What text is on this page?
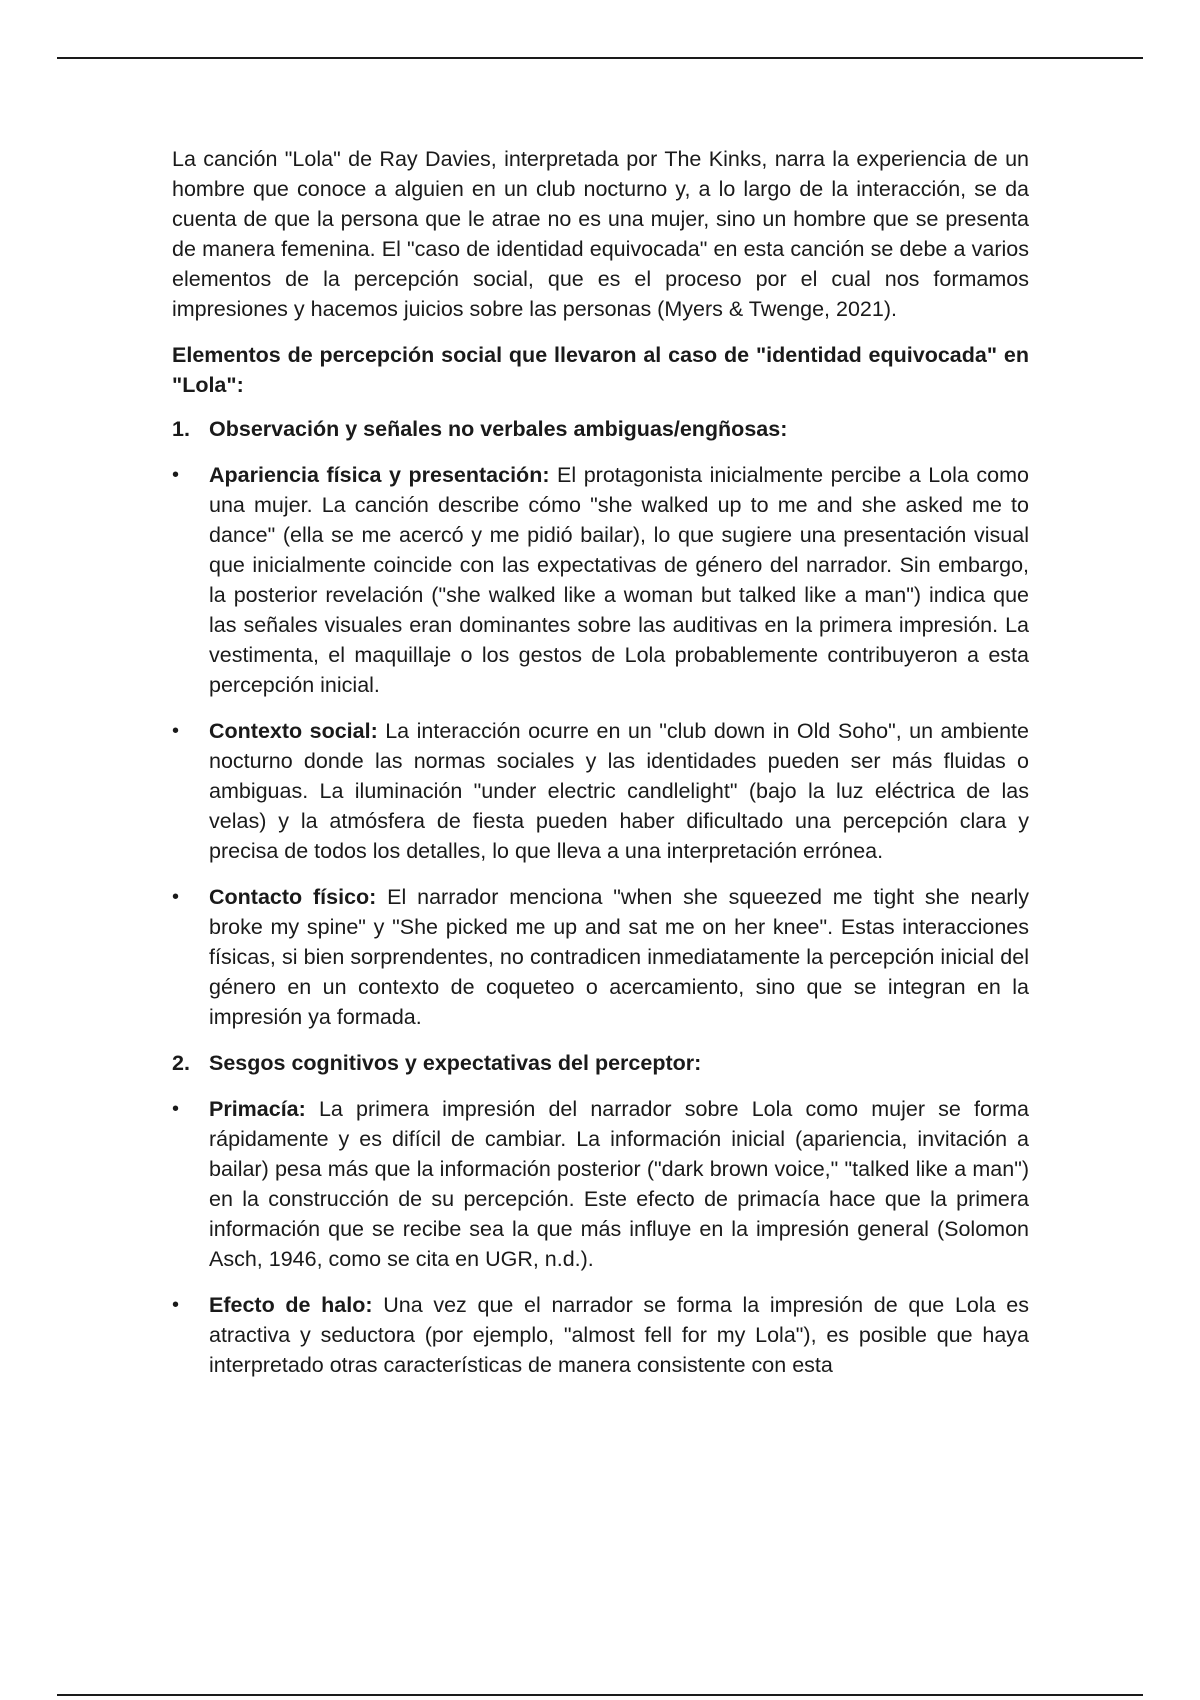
La canción "Lola" de Ray Davies, interpretada por The Kinks, narra la experiencia de un hombre que conoce a alguien en un club nocturno y, a lo largo de la interacción, se da cuenta de que la persona que le atrae no es una mujer, sino un hombre que se presenta de manera femenina. El "caso de identidad equivocada" en esta canción se debe a varios elementos de la percepción social, que es el proceso por el cual nos formamos impresiones y hacemos juicios sobre las personas (Myers & Twenge, 2021).

Elementos de percepción social que llevaron al caso de "identidad equivocada" en "Lola":

1. Observación y señales no verbales ambiguas/engñosas:
•	Apariencia física y presentación: El protagonista inicialmente percibe a Lola como una mujer. La canción describe cómo "she walked up to me and she asked me to dance" (ella se me acercó y me pidió bailar), lo que sugiere una presentación visual que inicialmente coincide con las expectativas de género del narrador. Sin embargo, la posterior revelación ("she walked like a woman but talked like a man") indica que las señales visuales eran dominantes sobre las auditivas en la primera impresión. La vestimenta, el maquillaje o los gestos de Lola probablemente contribuyeron a esta percepción inicial.
•	Contexto social: La interacción ocurre en un "club down in Old Soho", un ambiente nocturno donde las normas sociales y las identidades pueden ser más fluidas o ambiguas. La iluminación "under electric candlelight" (bajo la luz eléctrica de las velas) y la atmósfera de fiesta pueden haber dificultado una percepción clara y precisa de todos los detalles, lo que lleva a una interpretación errónea.
•	Contacto físico: El narrador menciona "when she squeezed me tight she nearly broke my spine" y "She picked me up and sat me on her knee". Estas interacciones físicas, si bien sorprendentes, no contradicen inmediatamente la percepción inicial del género en un contexto de coqueteo o acercamiento, sino que se integran en la impresión ya formada.
2. Sesgos cognitivos y expectativas del perceptor:
•	Primacía: La primera impresión del narrador sobre Lola como mujer se forma rápidamente y es difícil de cambiar. La información inicial (apariencia, invitación a bailar) pesa más que la información posterior ("dark brown voice," "talked like a man") en la construcción de su percepción. Este efecto de primacía hace que la primera información que se recibe sea la que más influye en la impresión general (Solomon Asch, 1946, como se cita en UGR, n.d.).
•	Efecto de halo: Una vez que el narrador se forma la impresión de que Lola es atractiva y seductora (por ejemplo, "almost fell for my Lola"), es posible que haya interpretado otras características de manera consistente con esta
